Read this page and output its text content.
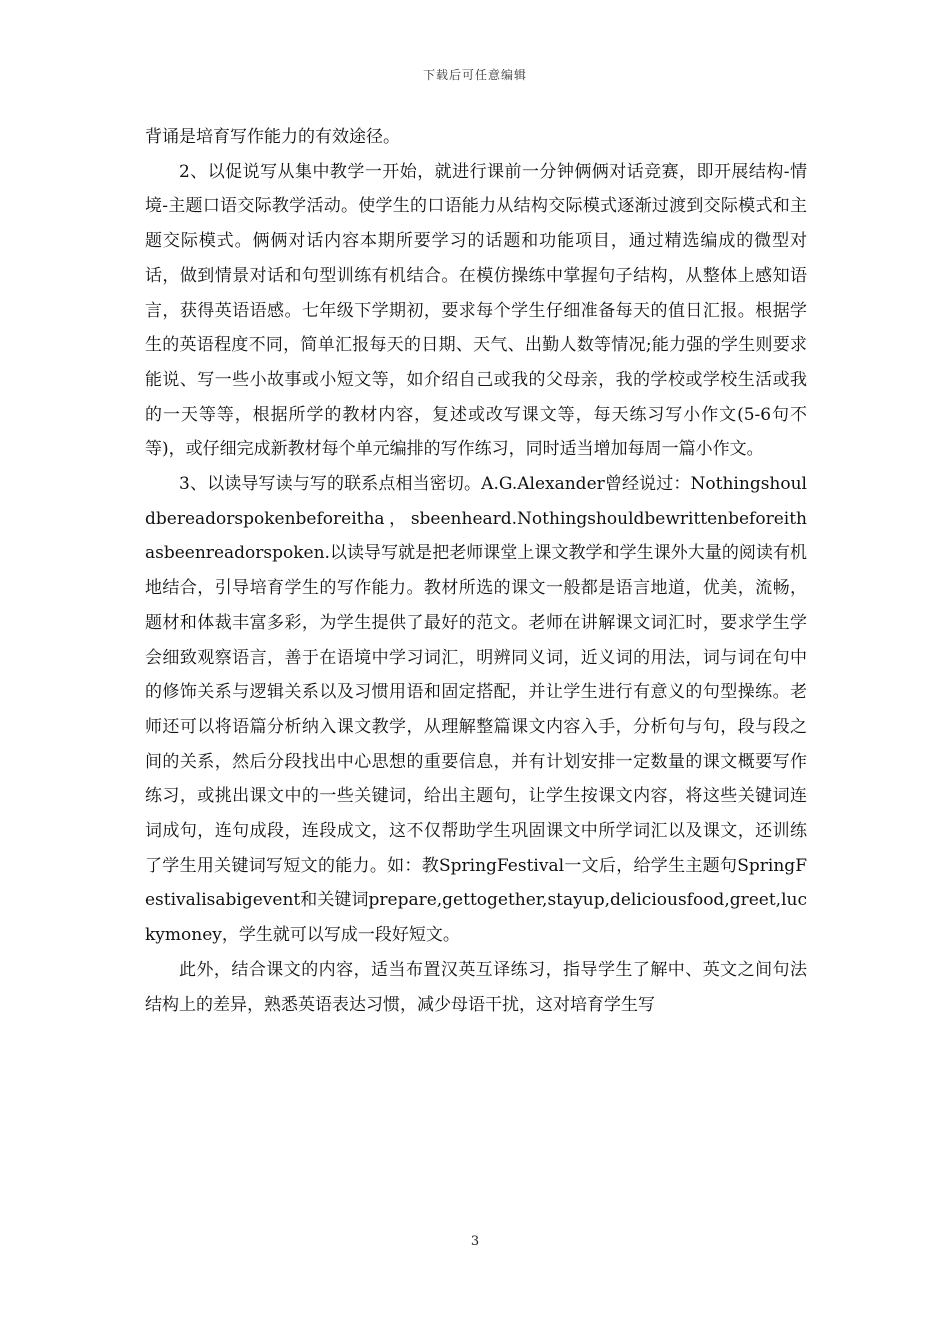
下载后可任意编辑

背诵是培育写作能力的有效途径。

2、以促说写从集中教学一开始，就进行课前一分钟俩俩对话竞赛，即开展结构-情境-主题口语交际教学活动。使学生的口语能力从结构交际模式逐渐过渡到交际模式和主题交际模式。俩俩对话内容本期所要学习的话题和功能项目，通过精选编成的微型对话，做到情景对话和句型训练有机结合。在模仿操练中掌握句子结构，从整体上感知语言，获得英语语感。七年级下学期初，要求每个学生仔细准备每天的值日汇报。根据学生的英语程度不同，简单汇报每天的日期、天气、出勤人数等情况;能力强的学生则要求能说、写一些小故事或小短文等，如介绍自己或我的父母亲，我的学校或学校生活或我的一天等等，根据所学的教材内容，复述或改写课文等，每天练习写小作文(5-6句不等)，或仔细完成新教材每个单元编排的写作练习，同时适当增加每周一篇小作文。

3、以读导写读与写的联系点相当密切。A.G.Alexander曾经说过：Nothingshouldbereadorspokenbeforeitha，sbeenheard.Nothingshouldbewrittenbeforeithasbeenreadorspoken.以读导写就是把老师课堂上课文教学和学生课外大量的阅读有机地结合，引导培育学生的写作能力。教材所选的课文一般都是语言地道，优美，流畅，题材和体裁丰富多彩，为学生提供了最好的范文。老师在讲解课文词汇时，要求学生学会细致观察语言，善于在语境中学习词汇，明辨同义词，近义词的用法，词与词在句中的修饰关系与逻辑关系以及习惯用语和固定搭配，并让学生进行有意义的句型操练。老师还可以将语篇分析纳入课文教学，从理解整篇课文内容入手，分析句与句，段与段之间的关系，然后分段找出中心思想的重要信息，并有计划安排一定数量的课文概要写作练习，或挑出课文中的一些关键词，给出主题句，让学生按课文内容，将这些关键词连词成句，连句成段，连段成文，这不仅帮助学生巩固课文中所学词汇以及课文，还训练了学生用关键词写短文的能力。如：教SpringFestival一文后，给学生主题句SpringFestivalisabigevent和关键词prepare,gettogether,stayup,deliciousfood,greet,luckymoney，学生就可以写成一段好短文。

此外，结合课文的内容，适当布置汉英互译练习，指导学生了解中、英文之间句法结构上的差异，熟悉英语表达习惯，减少母语干扰，这对培育学生写

3
